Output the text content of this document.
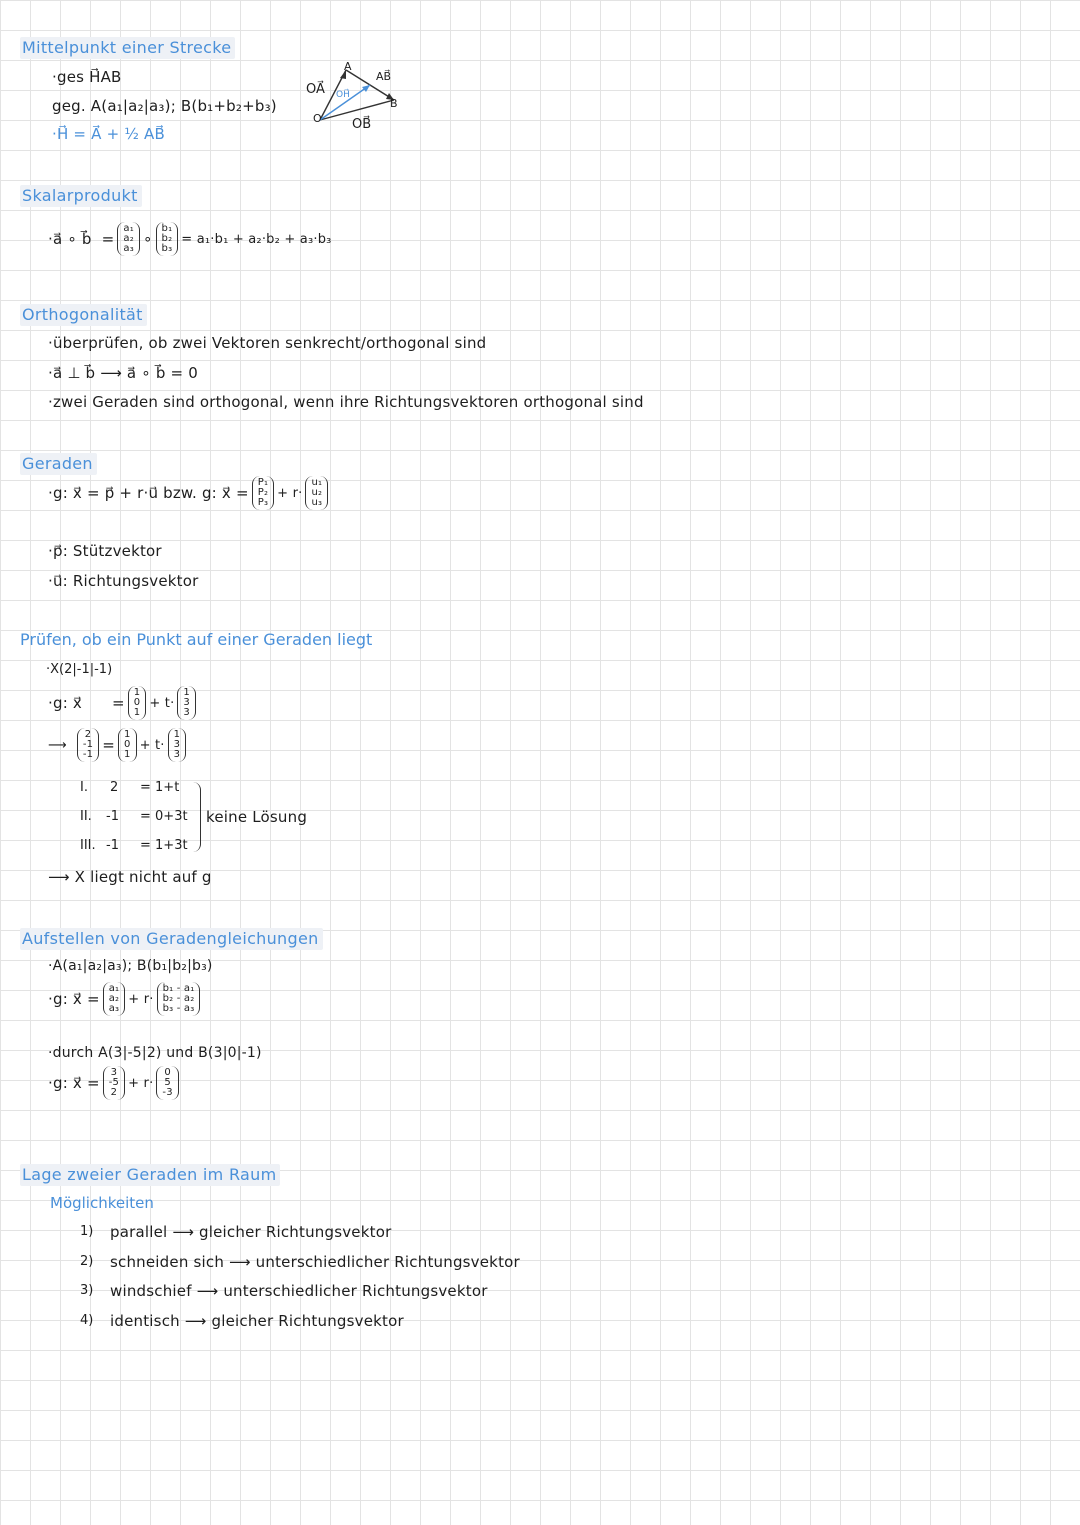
Mittelpunkt einer Strecke
·ges H⃗AB
geg. A(a₁|a₂|a₃); B(b₁+b₂+b₃)
·H⃗ = A⃗ + ½ AB⃗
OA⃗
A
AB⃗
OH⃗
B
O OB⃗
Skalarprodukt
·a⃗ ∘ b⃗ =
a₁
a₂
a₃
∘
b₁
b₂
b₃
= a₁·b₁ + a₂·b₂ + a₃·b₃
Orthogonalität
·überprüfen, ob zwei Vektoren senkrecht/orthogonal sind
·a⃗ ⊥ b⃗ ⟶ a⃗ ∘ b⃗ = 0
·zwei Geraden sind orthogonal, wenn ihre Richtungsvektoren orthogonal sind
Geraden
·g: x⃗ = p⃗ + r·u⃗ bzw. g: x⃗ =
P₁
P₂
P₃
+ r·
u₁
u₂
u₃
·p⃗: Stützvektor
·u⃗: Richtungsvektor
Prüfen, ob ein Punkt auf einer Geraden liegt
·X(2|-1|-1)
·g: x⃗ =
1
0
1
+ t·
1
3
3
⟶
2
-1
-1
=
1
0
1
+ t·
1
3
3
I. 2 = 1+t
II. -1 = 0+3t
III. -1 = 1+3t
keine Lösung
⟶ X liegt nicht auf g
Aufstellen von Geradengleichungen
·A(a₁|a₂|a₃); B(b₁|b₂|b₃)
·g: x⃗ =
a₁
a₂
a₃
+ r·
b₁ - a₁
b₂ - a₂
b₃ - a₃
·durch A(3|-5|2) und B(3|0|-1)
·g: x⃗ =
3
-5
2
+ r·
0
5
-3
Lage zweier Geraden im Raum
Möglichkeiten
1) parallel ⟶ gleicher Richtungsvektor
2) schneiden sich ⟶ unterschiedlicher Richtungsvektor
3) windschief ⟶ unterschiedlicher Richtungsvektor
4) identisch ⟶ gleicher Richtungsvektor
